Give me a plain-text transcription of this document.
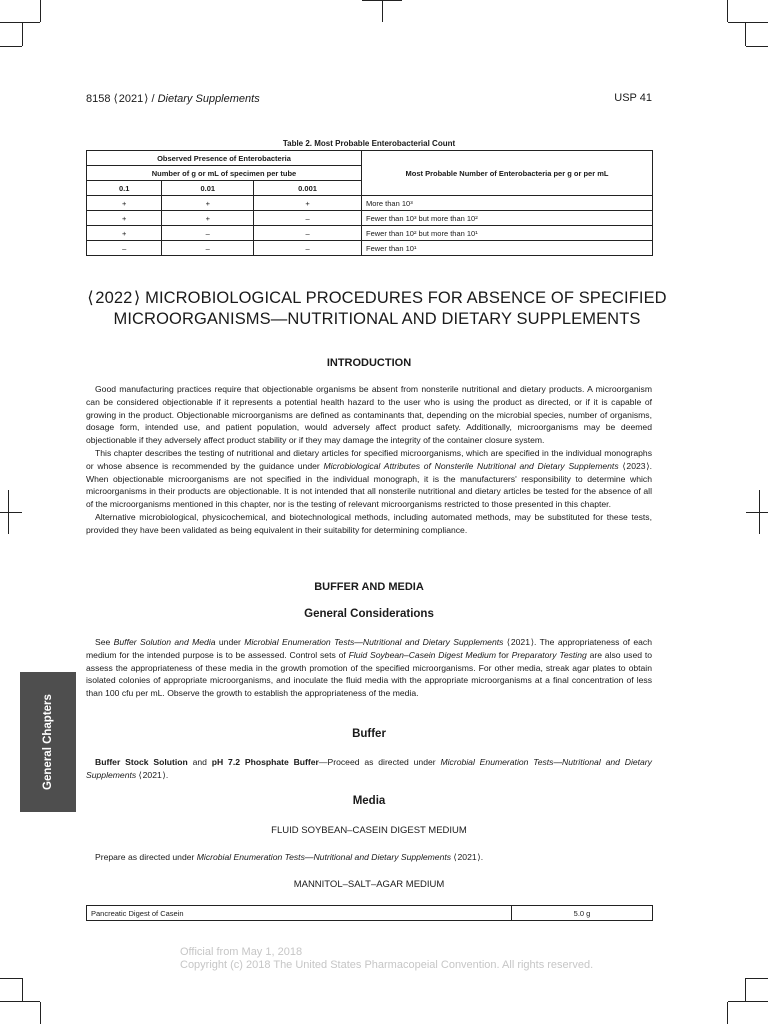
8158 ⟨ 2021 ⟩ / Dietary Supplements	USP 41
Table 2. Most Probable Enterobacterial Count
Observed Presence of Enterobacteria			Most Probable Number of Enterobacteria per g or per mL
Number of g or mL of specimen per tube			
0.1	0.01	0.001	
+	+	+	More than 10³
+	+	–	Fewer than 10³ but more than 10²
+	–	–	Fewer than 10² but more than 10¹
–	–	–	Fewer than 10¹
⟨ 2022 ⟩ MICROBIOLOGICAL PROCEDURES FOR ABSENCE OF SPECIFIED
MICROORGANISMS—NUTRITIONAL AND DIETARY SUPPLEMENTS
INTRODUCTION

Good manufacturing practices require that objectionable organisms be absent from nonsterile nutritional and dietary products. A microorganism can be considered objectionable if it represents a potential health hazard to the user who is using the product as directed, or if it is capable of growing in the product. Objectionable microorganisms are defined as contaminants that, depending on the microbial species, number of organisms, dosage form, intended use, and patient population, would adversely affect product safety. Additionally, microorganisms may be deemed objectionable if they adversely affect product stability or if they may damage the integrity of the container closure system.

This chapter describes the testing of nutritional and dietary articles for specified microorganisms, which are specified in the individual monographs or whose absence is recommended by the guidance under Microbiological Attributes of Nonsterile Nutritional and Dietary Supplements ⟨ 2023 ⟩. When objectionable microorganisms are not specified in the individual monograph, it is the manufacturers' responsibility to determine which microorganisms in their products are objectionable. It is not intended that all nonsterile nutritional and dietary articles be tested for the absence of all of the microorganisms mentioned in this chapter, nor is the testing of relevant microorganisms restricted to those presented in this chapter.

Alternative microbiological, physicochemical, and biotechnological methods, including automated methods, may be substituted for these tests, provided they have been validated as being equivalent in their suitability for determining compliance.

BUFFER AND MEDIA
General Considerations

See Buffer Solution and Media under Microbial Enumeration Tests—Nutritional and Dietary Supplements ⟨ 2021 ⟩. The appropriateness of each medium for the intended purpose is to be assessed. Control sets of Fluid Soybean–Casein Digest Medium for Preparatory Testing are also used to assess the appropriateness of these media in the growth promotion of the specified microorganisms. For other media, streak agar plates to obtain isolated colonies of appropriate microorganisms, and inoculate the fluid media with the appropriate microorganisms at a final concentration of less than 100 cfu per mL. Observe the growth to establish the appropriateness of the media.

Buffer

Buffer Stock Solution and pH 7.2 Phosphate Buffer—Proceed as directed under Microbial Enumeration Tests—Nutritional and Dietary Supplements ⟨ 2021 ⟩.

Media
FLUID SOYBEAN–CASEIN DIGEST MEDIUM

Prepare as directed under Microbial Enumeration Tests—Nutritional and Dietary Supplements ⟨ 2021 ⟩.

MANNITOL–SALT–AGAR MEDIUM
Pancreatic Digest of Casein	5.0 g
General Chapters
Official from May 1, 2018
Copyright (c) 2018 The United States Pharmacopeial Convention. All rights reserved.
